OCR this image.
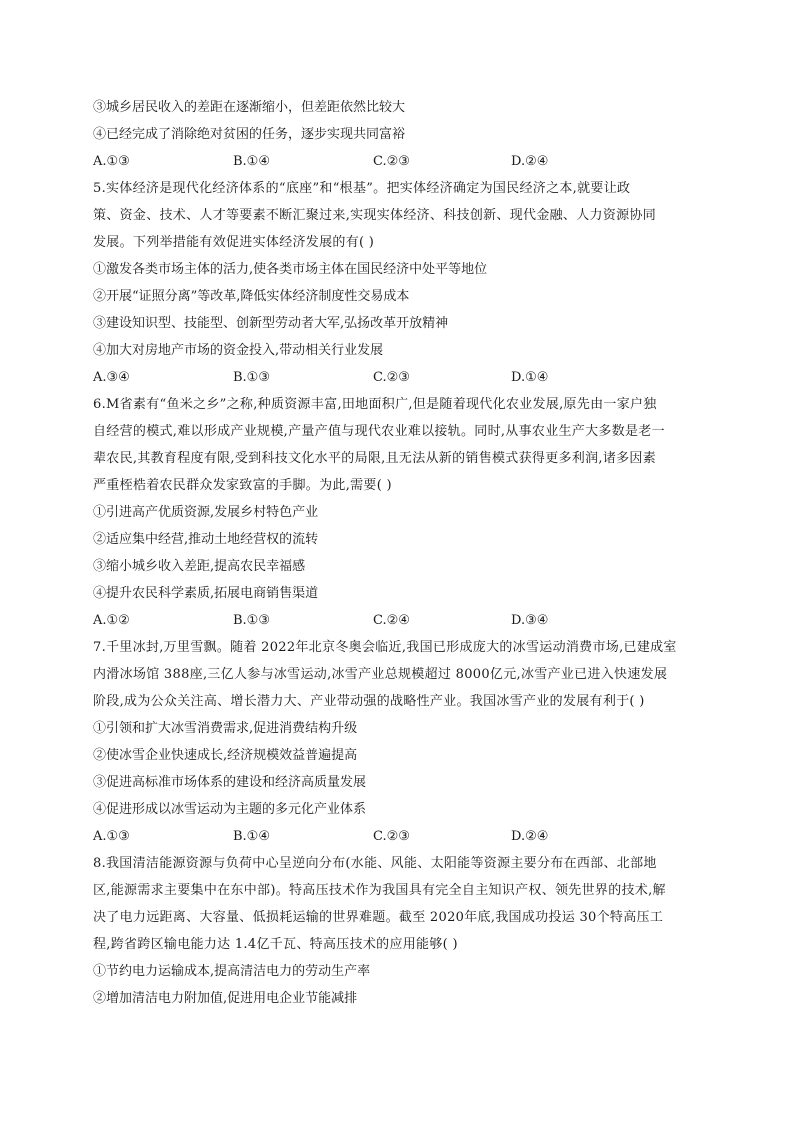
③城乡居民收入的差距在逐渐缩小，但差距依然比较大
④已经完成了消除绝对贫困的任务，逐步实现共同富裕
A.①③	B.①④	C.②③	D.②④
5.实体经济是现代化经济体系的“底座”和“根基”。把实体经济确定为国民经济之本,就要让政
策、资金、技术、人才等要素不断汇聚过来,实现实体经济、科技创新、现代金融、人力资源协同
发展。下列举措能有效促进实体经济发展的有( )
①激发各类市场主体的活力,使各类市场主体在国民经济中处平等地位
②开展“证照分离”等改革,降低实体经济制度性交易成本
③建设知识型、技能型、创新型劳动者大军,弘扬改革开放精神
④加大对房地产市场的资金投入,带动相关行业发展
A.③④	B.①③	C.②③	D.①④
6.M省素有“鱼米之乡”之称,种质资源丰富,田地面积广,但是随着现代化农业发展,原先由一家户独
自经营的模式,难以形成产业规模,产量产值与现代农业难以接轨。同时,从事农业生产大多数是老一
辈农民,其教育程度有限,受到科技文化水平的局限,且无法从新的销售模式获得更多利润,诸多因素
严重桎梏着农民群众发家致富的手脚。为此,需要( )
①引进高产优质资源,发展乡村特色产业
②适应集中经营,推动土地经营权的流转
③缩小城乡收入差距,提高农民幸福感
④提升农民科学素质,拓展电商销售渠道
A.①②	B.①③	C.②④	D.③④
7.千里冰封,万里雪飘。随着 2022年北京冬奥会临近,我国已形成庞大的冰雪运动消费市场,已建成室
内滑冰场馆 388座,三亿人参与冰雪运动,冰雪产业总规模超过 8000亿元,冰雪产业已进入快速发展
阶段,成为公众关注高、增长潜力大、产业带动强的战略性产业。我国冰雪产业的发展有利于( )
①引领和扩大冰雪消费需求,促进消费结构升级
②使冰雪企业快速成长,经济规模效益普遍提高
③促进高标准市场体系的建设和经济高质量发展
④促进形成以冰雪运动为主题的多元化产业体系
A.①③	B.①④	C.②③	D.②④
8.我国清洁能源资源与负荷中心呈逆向分布(水能、风能、太阳能等资源主要分布在西部、北部地
区,能源需求主要集中在东中部)。特高压技术作为我国具有完全自主知识产权、领先世界的技术,解
决了电力远距离、大容量、低损耗运输的世界难题。截至 2020年底,我国成功投运 30个特高压工
程,跨省跨区输电能力达 1.4亿千瓦、特高压技术的应用能够( )
①节约电力运输成本,提高清洁电力的劳动生产率
②增加清洁电力附加值,促进用电企业节能减排
